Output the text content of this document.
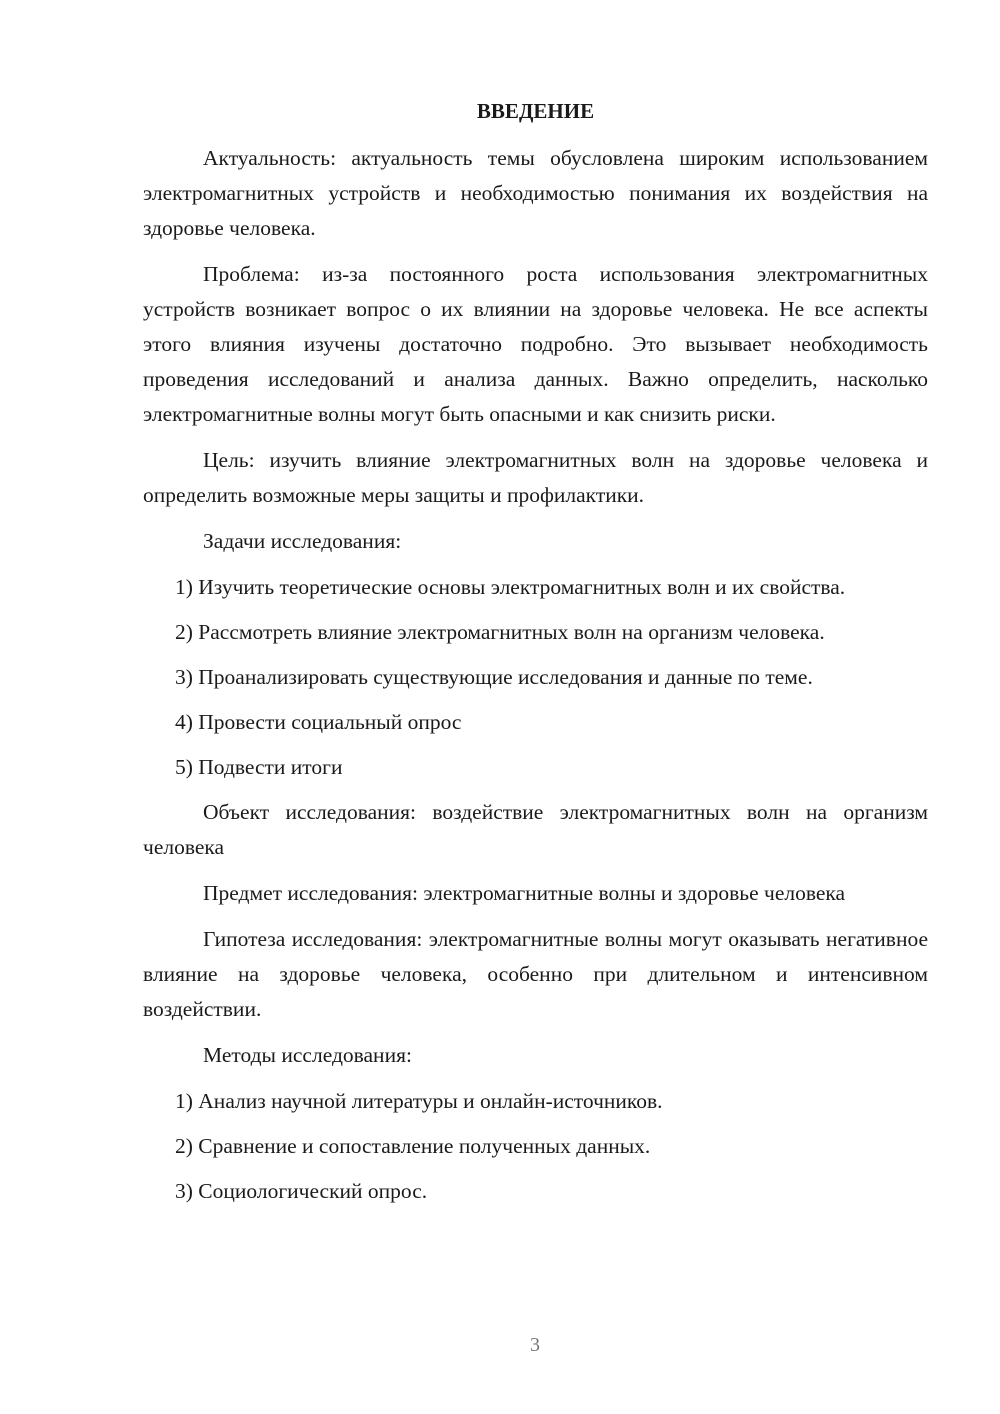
ВВЕДЕНИЕ

Актуальность: актуальность темы обусловлена широким использованием электромагнитных устройств и необходимостью понимания их воздействия на здоровье человека.

Проблема: из-за постоянного роста использования электромагнитных устройств возникает вопрос о их влиянии на здоровье человека. Не все аспекты этого влияния изучены достаточно подробно. Это вызывает необходимость проведения исследований и анализа данных. Важно определить, насколько электромагнитные волны могут быть опасными и как снизить риски.

Цель: изучить влияние электромагнитных волн на здоровье человека и определить возможные меры защиты и профилактики.

Задачи исследования:

1) Изучить теоретические основы электромагнитных волн и их свойства.

2) Рассмотреть влияние электромагнитных волн на организм человека.

3) Проанализировать существующие исследования и данные по теме.

4) Провести социальный опрос

5) Подвести итоги

Объект исследования: воздействие электромагнитных волн на организм человека

Предмет исследования: электромагнитные волны и здоровье человека

Гипотеза исследования: электромагнитные волны могут оказывать негативное влияние на здоровье человека, особенно при длительном и интенсивном воздействии.

Методы исследования:

1) Анализ научной литературы и онлайн-источников.

2) Сравнение и сопоставление полученных данных.

3) Социологический опрос.

3
